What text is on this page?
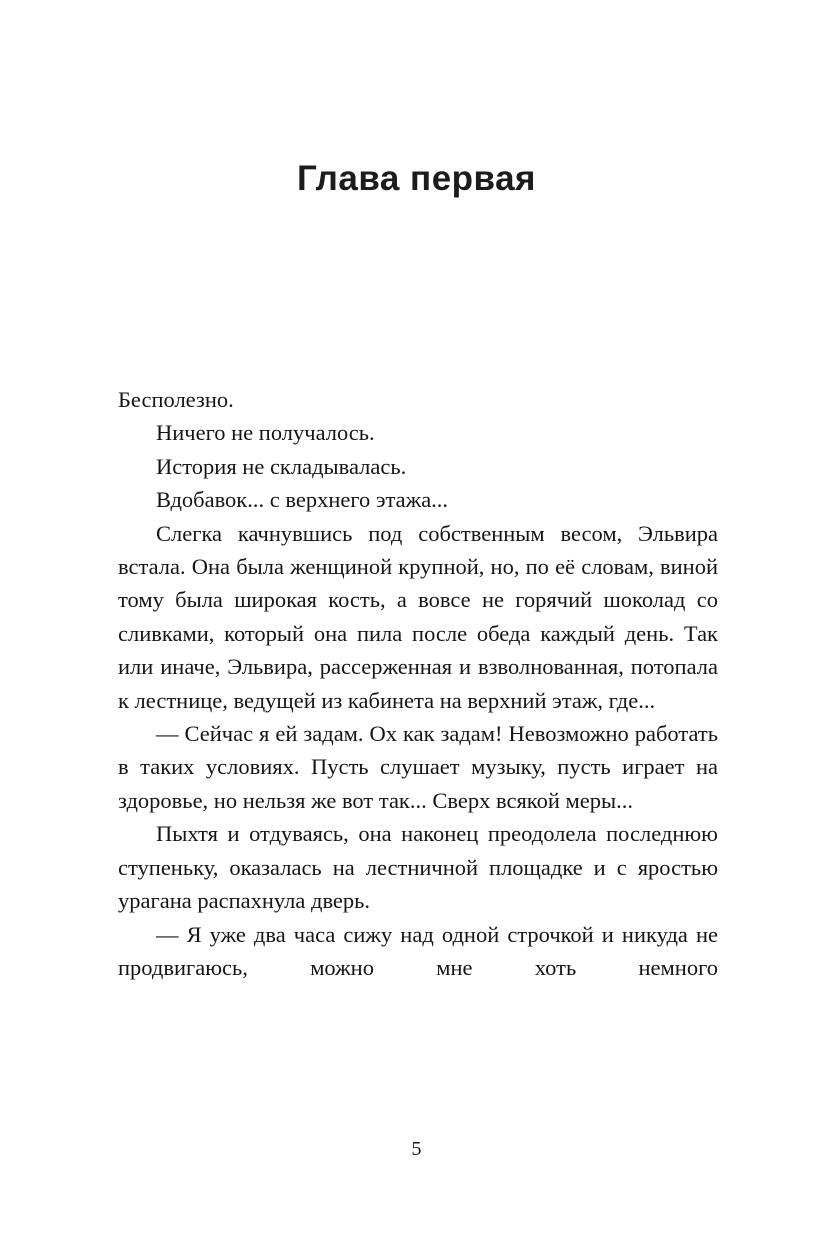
Глава первая

Бесполезно.

Ничего не получалось.

История не складывалась.

Вдобавок... с верхнего этажа...

Слегка качнувшись под собственным весом, Эльвира встала. Она была женщиной крупной, но, по её словам, виной тому была широкая кость, а вовсе не горячий шоколад со сливками, который она пила после обеда каждый день. Так или иначе, Эльвира, рассерженная и взволнованная, потопала к лестнице, ведущей из кабинета на верхний этаж, где...

— Сейчас я ей задам. Ох как задам! Невозможно работать в таких условиях. Пусть слушает музыку, пусть играет на здоровье, но нельзя же вот так... Сверх всякой меры...

Пыхтя и отдуваясь, она наконец преодолела последнюю ступеньку, оказалась на лестничной площадке и с яростью урагана распахнула дверь.

— Я уже два часа сижу над одной строчкой и никуда не продвигаюсь, можно мне хоть немного

5
